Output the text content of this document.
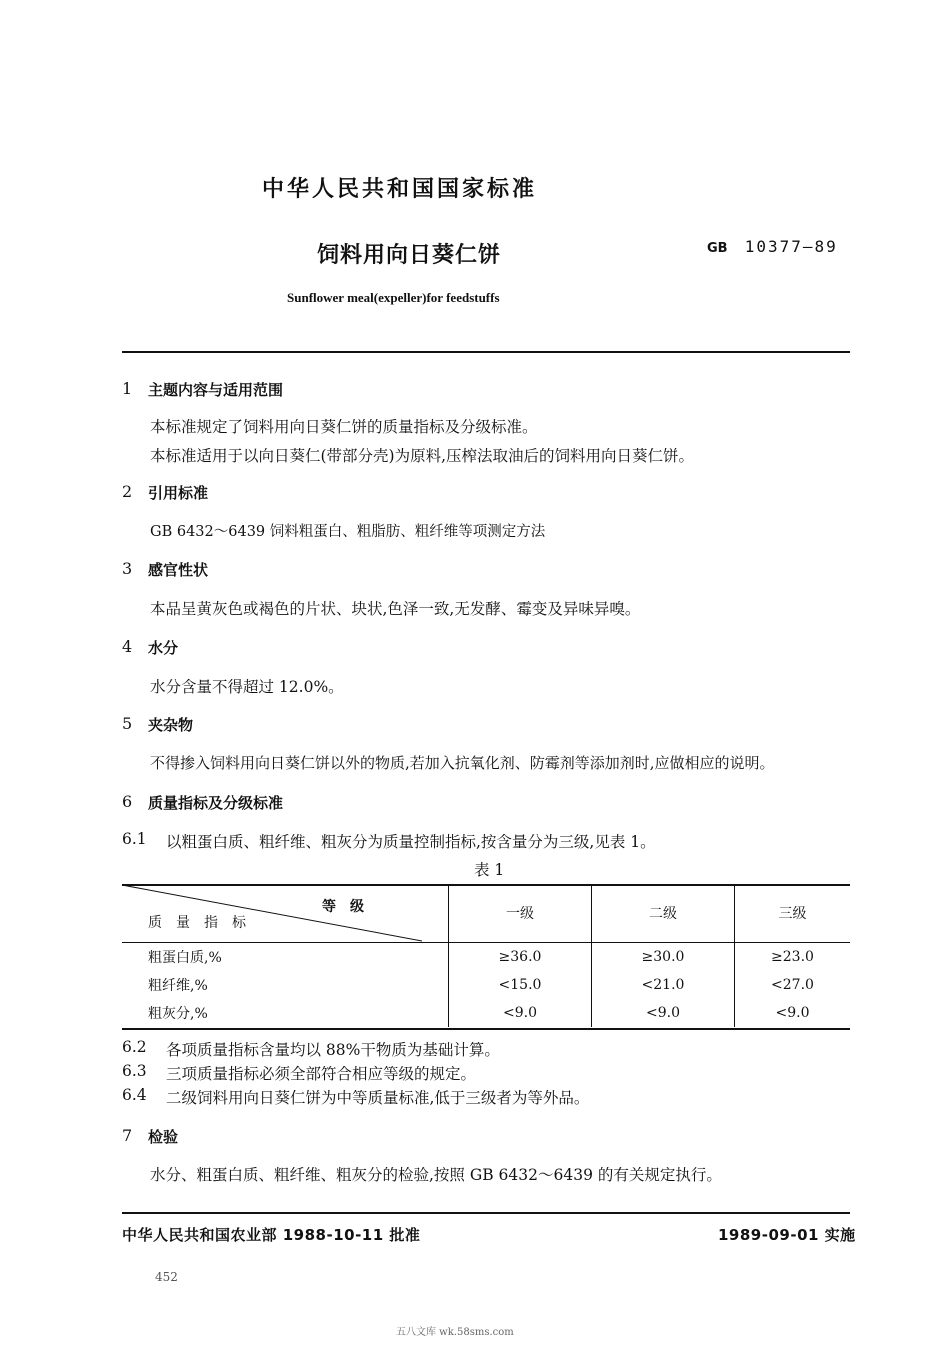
中华人民共和国国家标准
饲料用向日葵仁饼	GB 10377—89
Sunflower meal(expeller)for feedstuffs
1 主题内容与适用范围
本标准规定了饲料用向日葵仁饼的质量指标及分级标准。
本标准适用于以向日葵仁(带部分壳)为原料,压榨法取油后的饲料用向日葵仁饼。
2 引用标准
GB 6432～6439 饲料粗蛋白、粗脂肪、粗纤维等项测定方法
3 感官性状
本品呈黄灰色或褐色的片状、块状,色泽一致,无发酵、霉变及异味异嗅。
4 水分
水分含量不得超过 12.0%。
5 夹杂物
不得掺入饲料用向日葵仁饼以外的物质,若加入抗氧化剂、防霉剂等添加剂时,应做相应的说明。
6 质量指标及分级标准
6.1 以粗蛋白质、粗纤维、粗灰分为质量控制指标,按含量分为三级,见表 1。
表 1
等　级
质　量　指　标	一级	二级	三级
粗蛋白质,%	≥36.0	≥30.0	≥23.0
粗纤维,%	<15.0	<21.0	<27.0
粗灰分,%	<9.0	<9.0	<9.0
6.2 各项质量指标含量均以 88%干物质为基础计算。
6.3 三项质量指标必须全部符合相应等级的规定。
6.4 二级饲料用向日葵仁饼为中等质量标准,低于三级者为等外品。
7 检验
水分、粗蛋白质、粗纤维、粗灰分的检验,按照 GB 6432～6439 的有关规定执行。
中华人民共和国农业部 1988-10-11 批准	1989-09-01 实施
452
五八文库 wk.58sms.com
